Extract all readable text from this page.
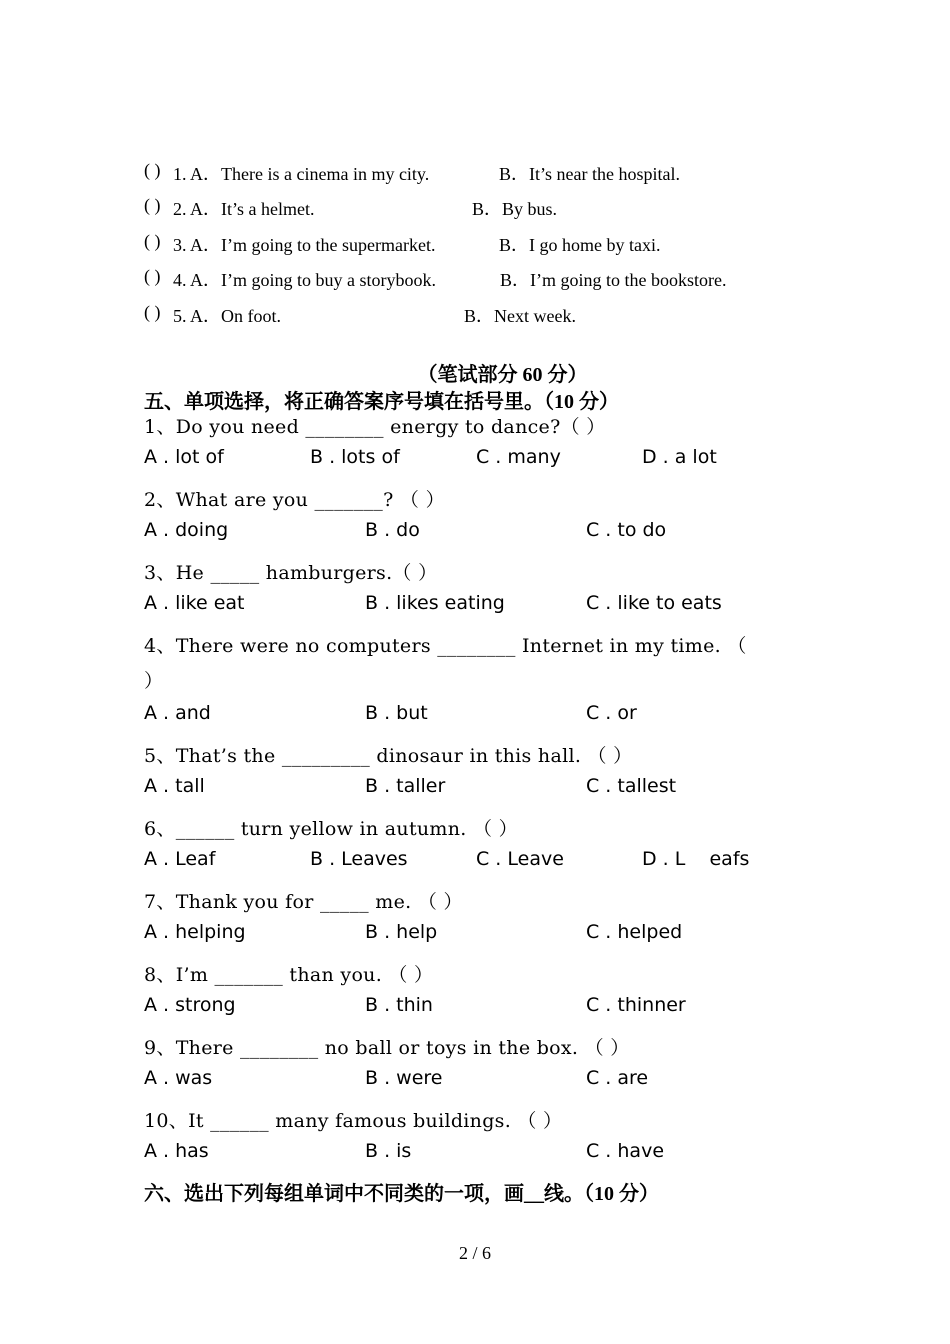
( ) 1. A．There is a cinema in my city.	B．It’s near the hospital.
( ) 2. A．It’s a helmet.	B．By bus.
( ) 3. A．I’m going to the supermarket.	B．I go home by taxi.
( ) 4. A．I’m going to buy a storybook.	B．I’m going to the bookstore.
( ) 5. A．On foot.	B．Next week.
（笔试部分 60 分）
五、单项选择，将正确答案序号填在括号里。（10 分）
1、Do you need ________ energy to dance?（ ）
A . lot of	B . lots of	C . many	D . a lot
2、What are you _______? （ ）
A . doing	B . do	C . to do
3、He _____ hamburgers.（ ）
A . like eat	B . likes eating	C . like to eats
4、There were no computers ________ Internet in my time. （
）
A . and	B . but	C . or
5、That’s the _________ dinosaur in this hall. （ ）
A . tall	B . taller	C . tallest
6、______ turn yellow in autumn. （ ）
A . Leaf	B . Leaves	C . Leave	D . L    eafs
7、Thank you for _____ me. （ ）
A . helping	B . help	C . helped
8、I’m _______ than you. （ ）
A . strong	B . thin	C . thinner
9、There ________ no ball or toys in the box. （ ）
A . was	B . were	C . are
10、It ______ many famous buildings. （ ）
A . has	B . is	C . have
六、选出下列每组单词中不同类的一项，画__线。（10 分）
2 / 6
